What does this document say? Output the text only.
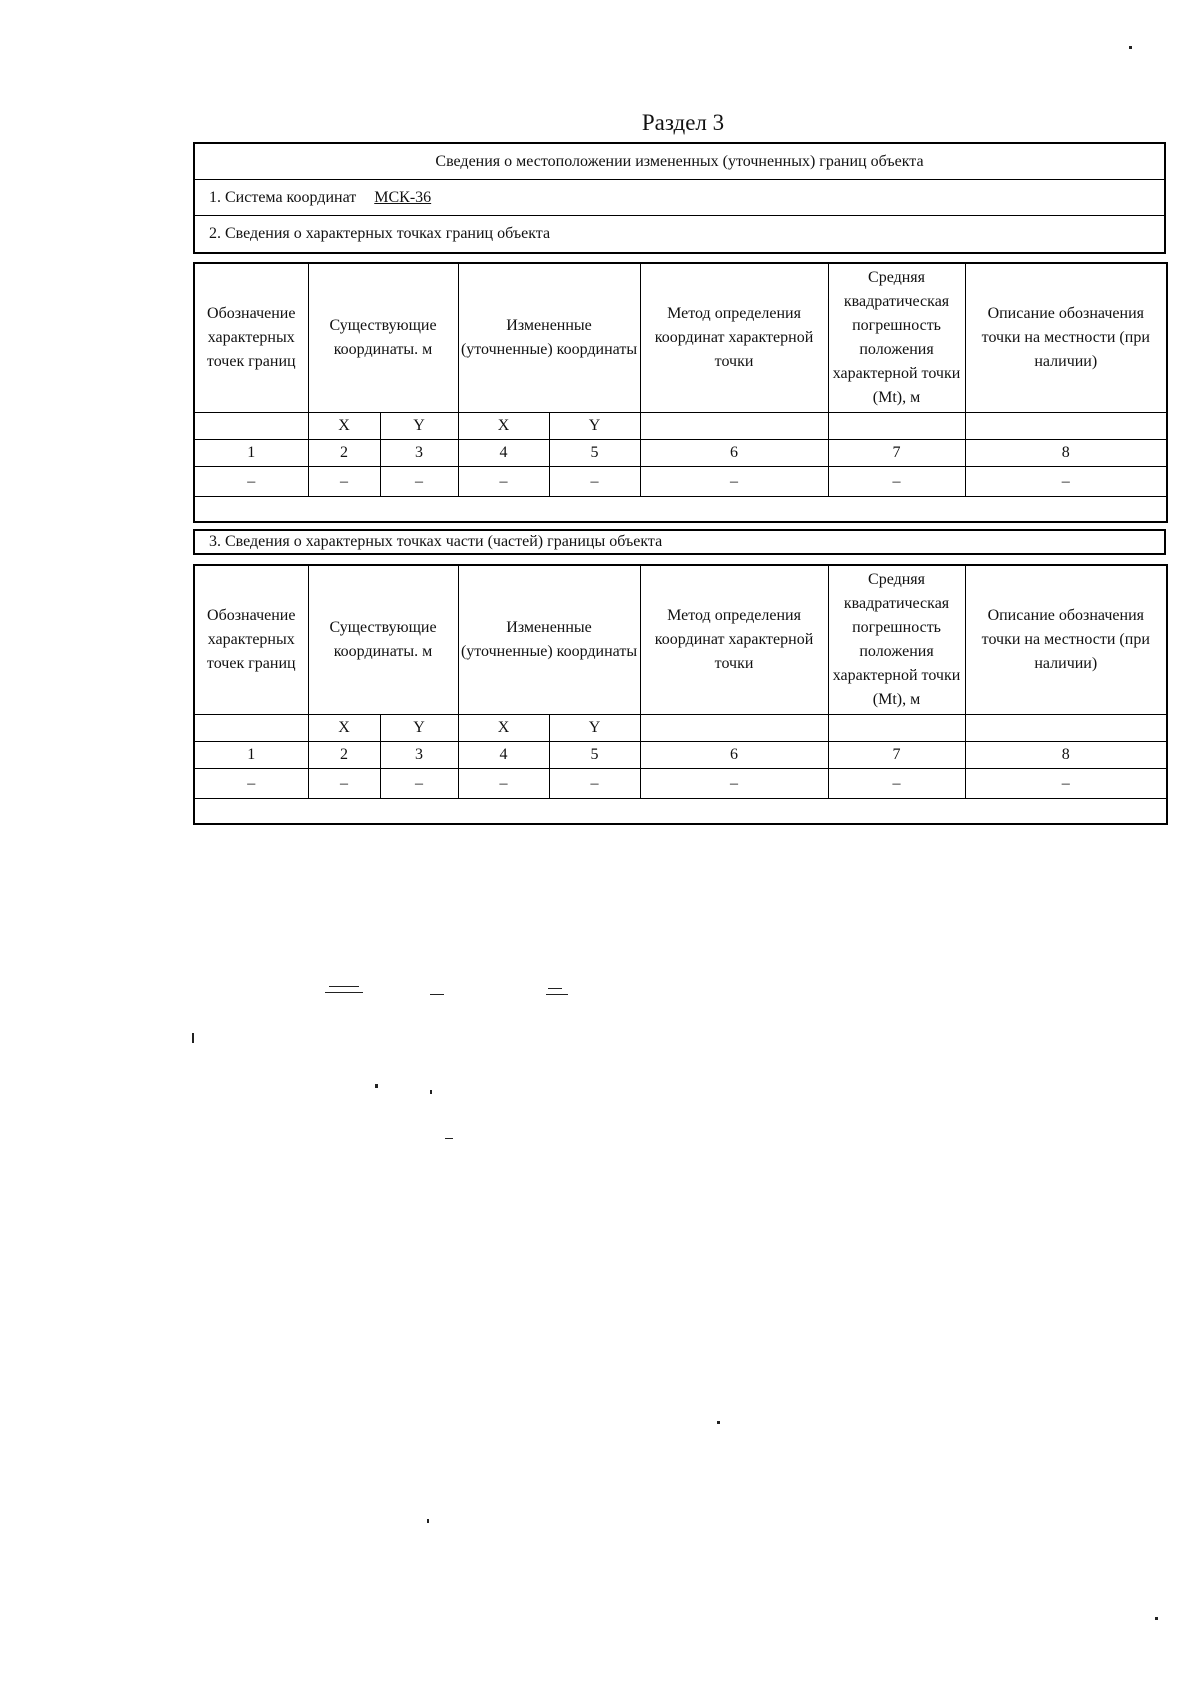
Раздел 3
Сведения о местоположении измененных (уточненных) границ объекта
1. Система координат МСК-36
2. Сведения о характерных точках границ объекта
Обозначение характерных точек границ	Существующие координаты. м		Измененные (уточненные) координаты		Метод определения координат характерной точки	Средняя квадратическая погрешность положения характерной точки (Mt), м	Описание обозначения точки на местности (при наличии)
	X	Y	X	Y			
1	2	3	4	5	6	7	8
–	–	–	–	–	–	–	–

3. Сведения о характерных точках части (частей) границы объекта
Обозначение характерных точек границ	Существующие координаты. м		Измененные (уточненные) координаты		Метод определения координат характерной точки	Средняя квадратическая погрешность положения характерной точки (Mt), м	Описание обозначения точки на местности (при наличии)
	X	Y	X	Y			
1	2	3	4	5	6	7	8
–	–	–	–	–	–	–	–
